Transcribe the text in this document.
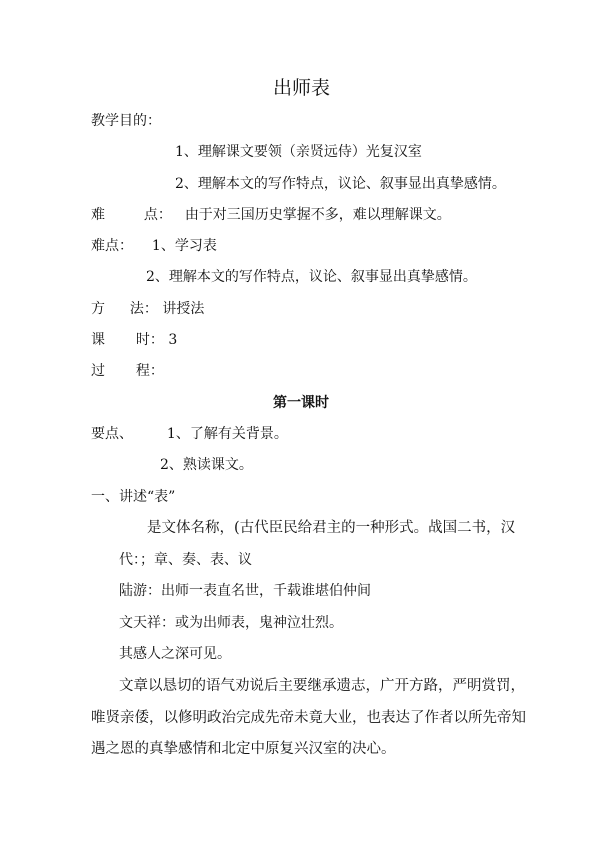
出师表
教学目的：
1、理解课文要领（亲贤远侍）光复汉室
2、理解本文的写作特点，议论、叙事显出真挚感情。
难	点： 由于对三国历史掌握不多，难以理解课文。
难点： 1、学习表
2、理解本文的写作特点，议论、叙事显出真挚感情。
方 法： 讲授法
课 时： 3
过 程：
第一课时
要点、 1、了解有关背景。
2、熟读课文。
一、讲述“表”
是文体名称，(古代臣民给君主的一种形式。战国二书，汉
代：；章、奏、表、议
陆游：出师一表直名世，千载谁堪伯仲间
文天祥：或为出师表，鬼神泣壮烈。
其感人之深可见。
文章以恳切的语气劝说后主要继承遗志，广开方路，严明赏罚，
唯贤亲倭，以修明政治完成先帝未竟大业，也表达了作者以所先帝知
遇之恩的真挚感情和北定中原复兴汉室的决心。
